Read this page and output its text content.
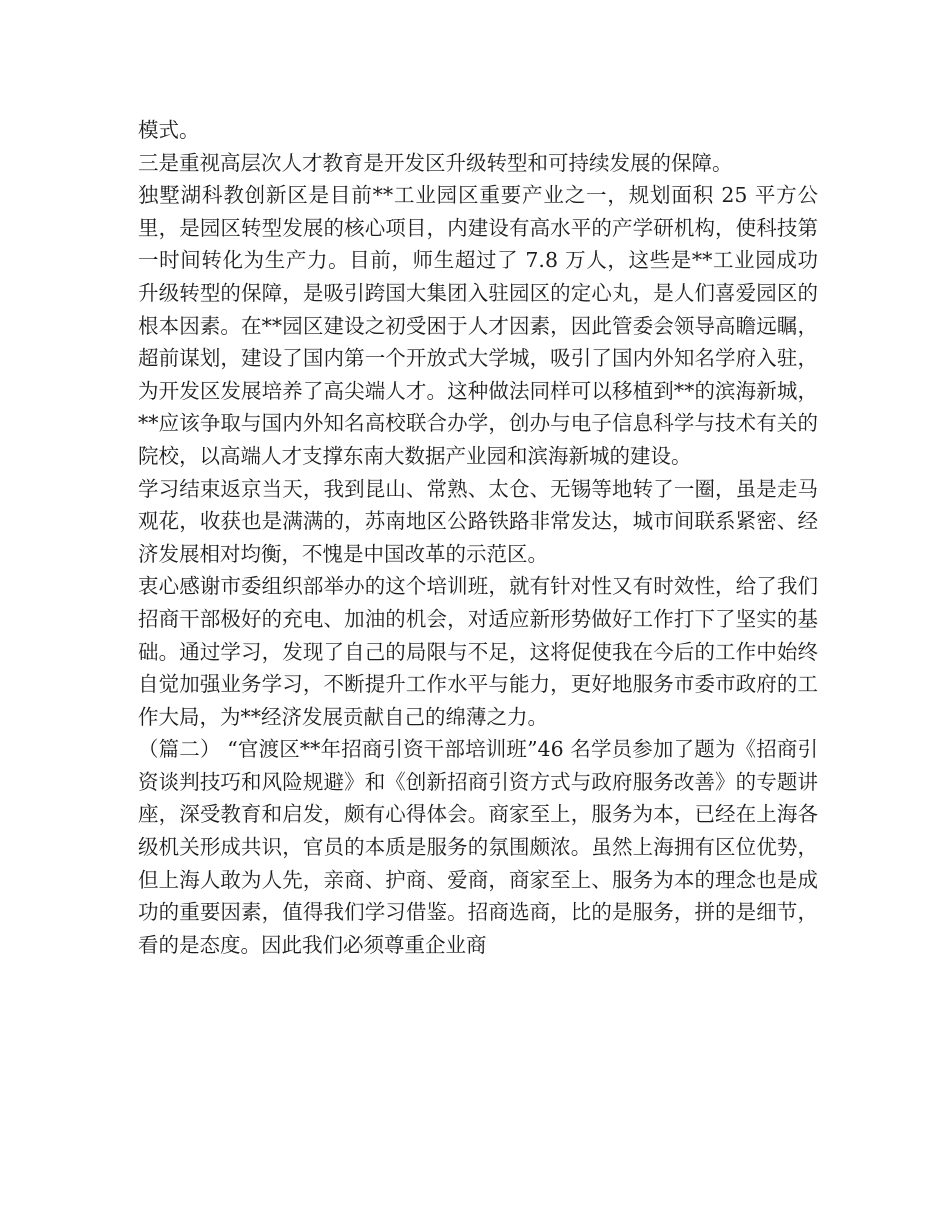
模式。

三是重视高层次人才教育是开发区升级转型和可持续发展的保障。

独墅湖科教创新区是目前**工业园区重要产业之一，规划面积 25 平方公里，是园区转型发展的核心项目，内建设有高水平的产学研机构，使科技第一时间转化为生产力。目前，师生超过了 7.8 万人，这些是**工业园成功升级转型的保障，是吸引跨国大集团入驻园区的定心丸，是人们喜爱园区的根本因素。在**园区建设之初受困于人才因素，因此管委会领导高瞻远瞩，超前谋划，建设了国内第一个开放式大学城，吸引了国内外知名学府入驻，为开发区发展培养了高尖端人才。这种做法同样可以移植到**的滨海新城，**应该争取与国内外知名高校联合办学，创办与电子信息科学与技术有关的院校，以高端人才支撑东南大数据产业园和滨海新城的建设。

学习结束返京当天，我到昆山、常熟、太仓、无锡等地转了一圈，虽是走马观花，收获也是满满的，苏南地区公路铁路非常发达，城市间联系紧密、经济发展相对均衡，不愧是中国改革的示范区。

衷心感谢市委组织部举办的这个培训班，就有针对性又有时效性，给了我们招商干部极好的充电、加油的机会，对适应新形势做好工作打下了坚实的基础。通过学习，发现了自己的局限与不足，这将促使我在今后的工作中始终自觉加强业务学习，不断提升工作水平与能力，更好地服务市委市政府的工作大局，为**经济发展贡献自己的绵薄之力。

（篇二） “官渡区**年招商引资干部培训班”46 名学员参加了题为《招商引资谈判技巧和风险规避》和《创新招商引资方式与政府服务改善》的专题讲座，深受教育和启发，颇有心得体会。商家至上，服务为本，已经在上海各级机关形成共识，官员的本质是服务的氛围颇浓。虽然上海拥有区位优势，但上海人敢为人先，亲商、护商、爱商，商家至上、服务为本的理念也是成功的重要因素，值得我们学习借鉴。招商选商，比的是服务，拼的是细节，看的是态度。因此我们必须尊重企业商
